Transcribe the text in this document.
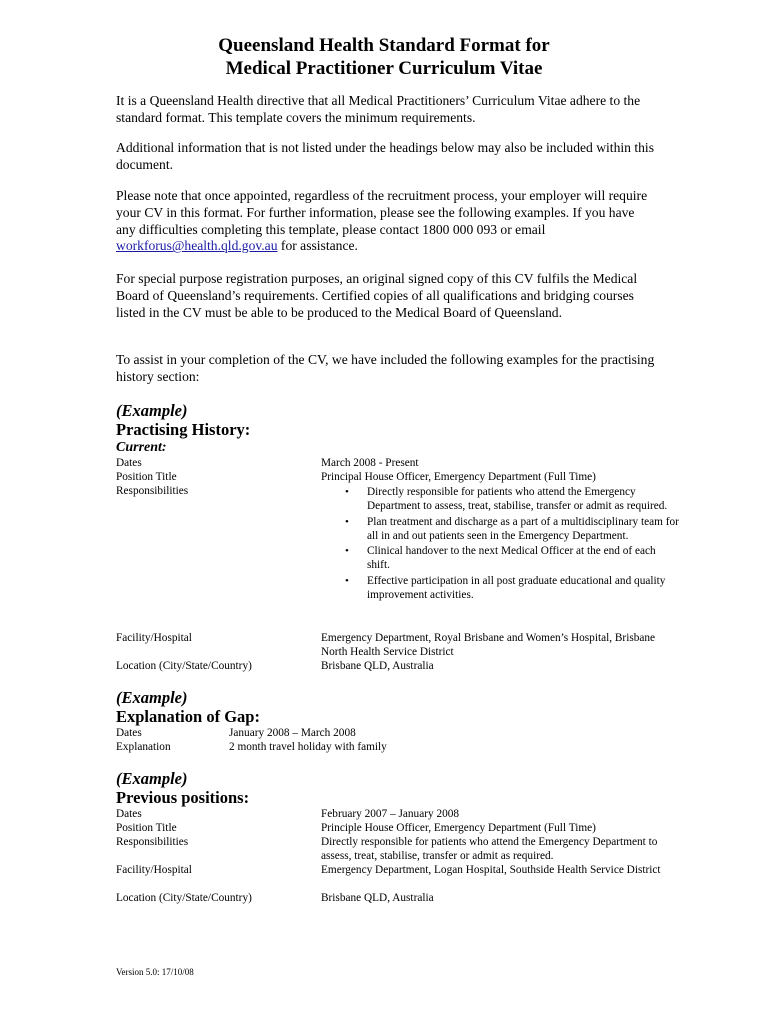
Queensland Health Standard Format for
Medical Practitioner Curriculum Vitae
It is a Queensland Health directive that all Medical Practitioners’ Curriculum Vitae adhere to the standard format. This template covers the minimum requirements.
Additional information that is not listed under the headings below may also be included within this document.
Please note that once appointed, regardless of the recruitment process, your employer will require your CV in this format. For further information, please see the following examples. If you have any difficulties completing this template, please contact 1800 000 093 or email workforus@health.qld.gov.au for assistance.
For special purpose registration purposes, an original signed copy of this CV fulfils the Medical Board of Queensland’s requirements. Certified copies of all qualifications and bridging courses listed in the CV must be able to be produced to the Medical Board of Queensland.
To assist in your completion of the CV, we have included the following examples for the practising history section:
(Example)
Practising History:
Current:
Dates	March 2008 - Present
Position Title	Principal House Officer, Emergency Department (Full Time)
Responsibilities	• Directly responsible for patients who attend the Emergency Department to assess, treat, stabilise, transfer or admit as required.
• Plan treatment and discharge as a part of a multidisciplinary team for all in and out patients seen in the Emergency Department.
• Clinical handover to the next Medical Officer at the end of each shift.
• Effective participation in all post graduate educational and quality improvement activities.
Facility/Hospital	Emergency Department, Royal Brisbane and Women’s Hospital, Brisbane North Health Service District
Location (City/State/Country)	Brisbane QLD, Australia
(Example)
Explanation of Gap:
Dates	January 2008 – March 2008
Explanation	2 month travel holiday with family
(Example)
Previous positions:
Dates	February 2007 – January 2008
Position Title	Principle House Officer, Emergency Department (Full Time)
Responsibilities	Directly responsible for patients who attend the Emergency Department to assess, treat, stabilise, transfer or admit as required.
Facility/Hospital	Emergency Department, Logan Hospital, Southside Health Service District
Location (City/State/Country)	Brisbane QLD, Australia
Version 5.0: 17/10/08
